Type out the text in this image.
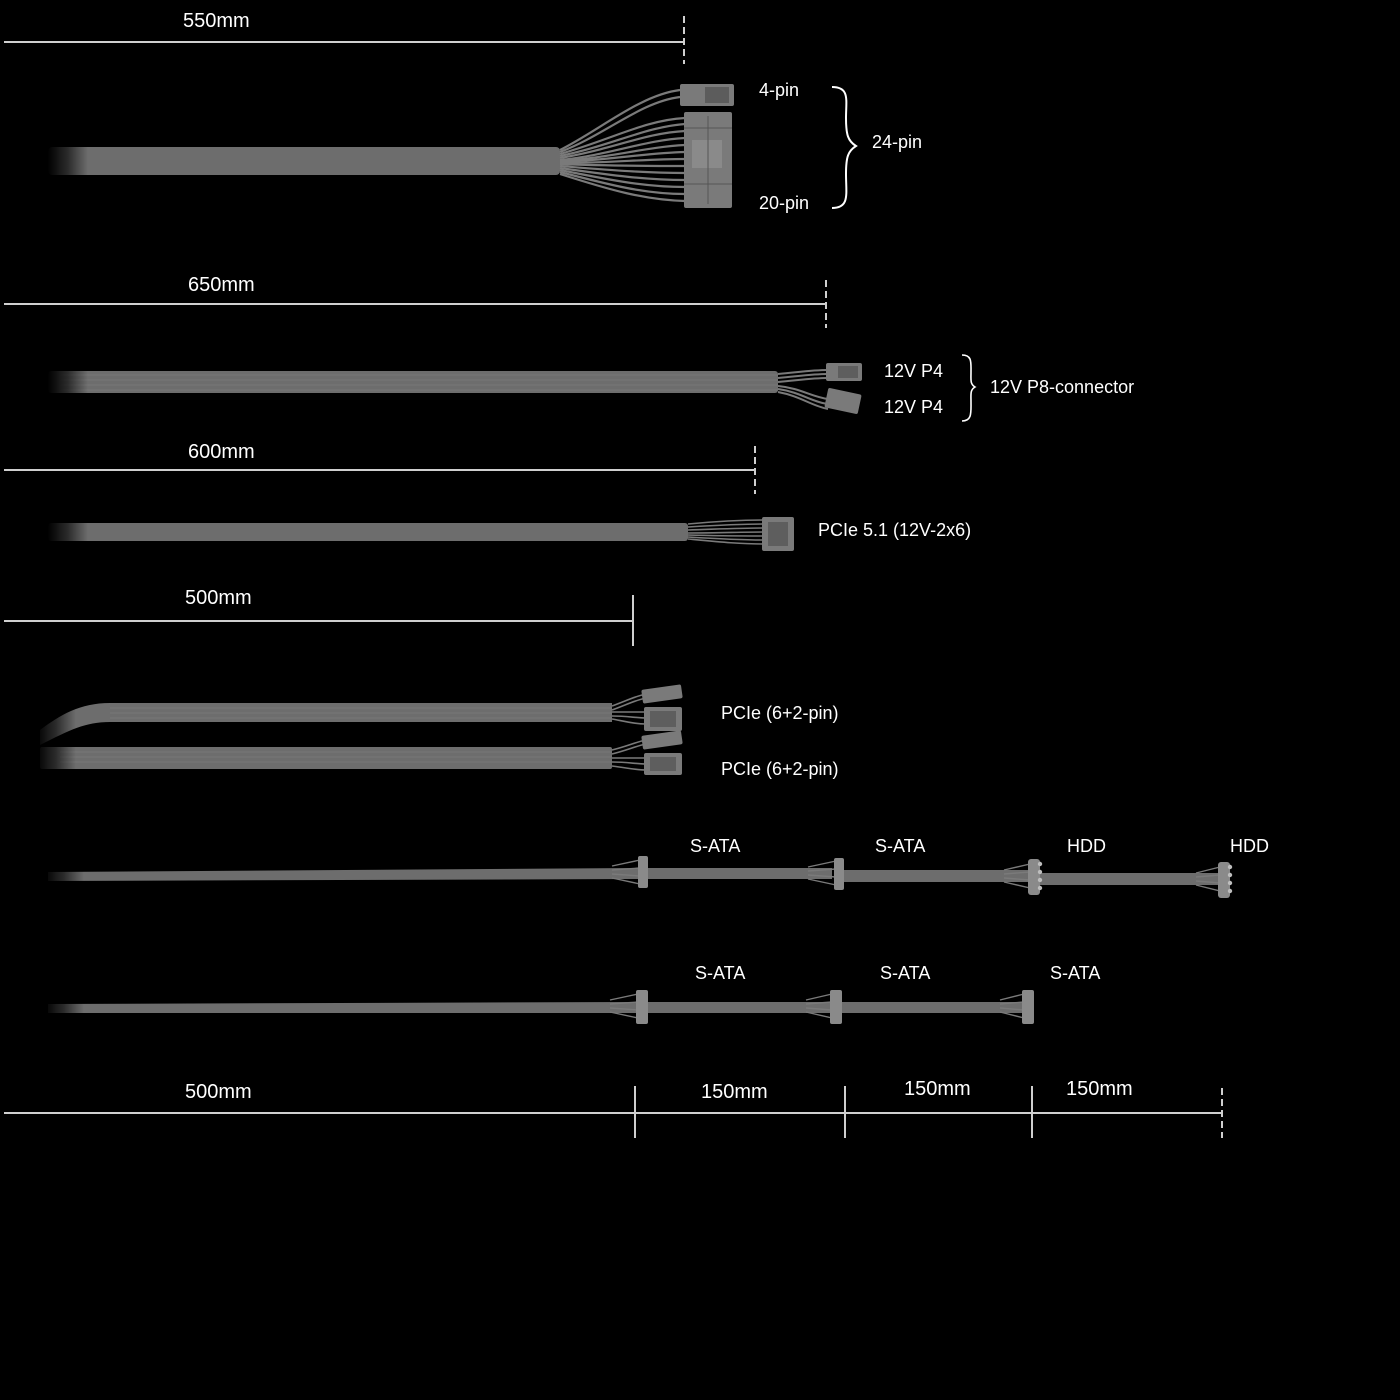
550mm
4-pin
24-pin
20-pin
650mm
12V P4
12V P4
12V P8-connector
600mm
PCIe 5.1 (12V-2x6)
500mm
PCIe (6+2-pin)
PCIe (6+2-pin)
S-ATA	S-ATA	HDD	HDD
S-ATA	S-ATA	S-ATA
500mm	150mm	150mm	150mm
